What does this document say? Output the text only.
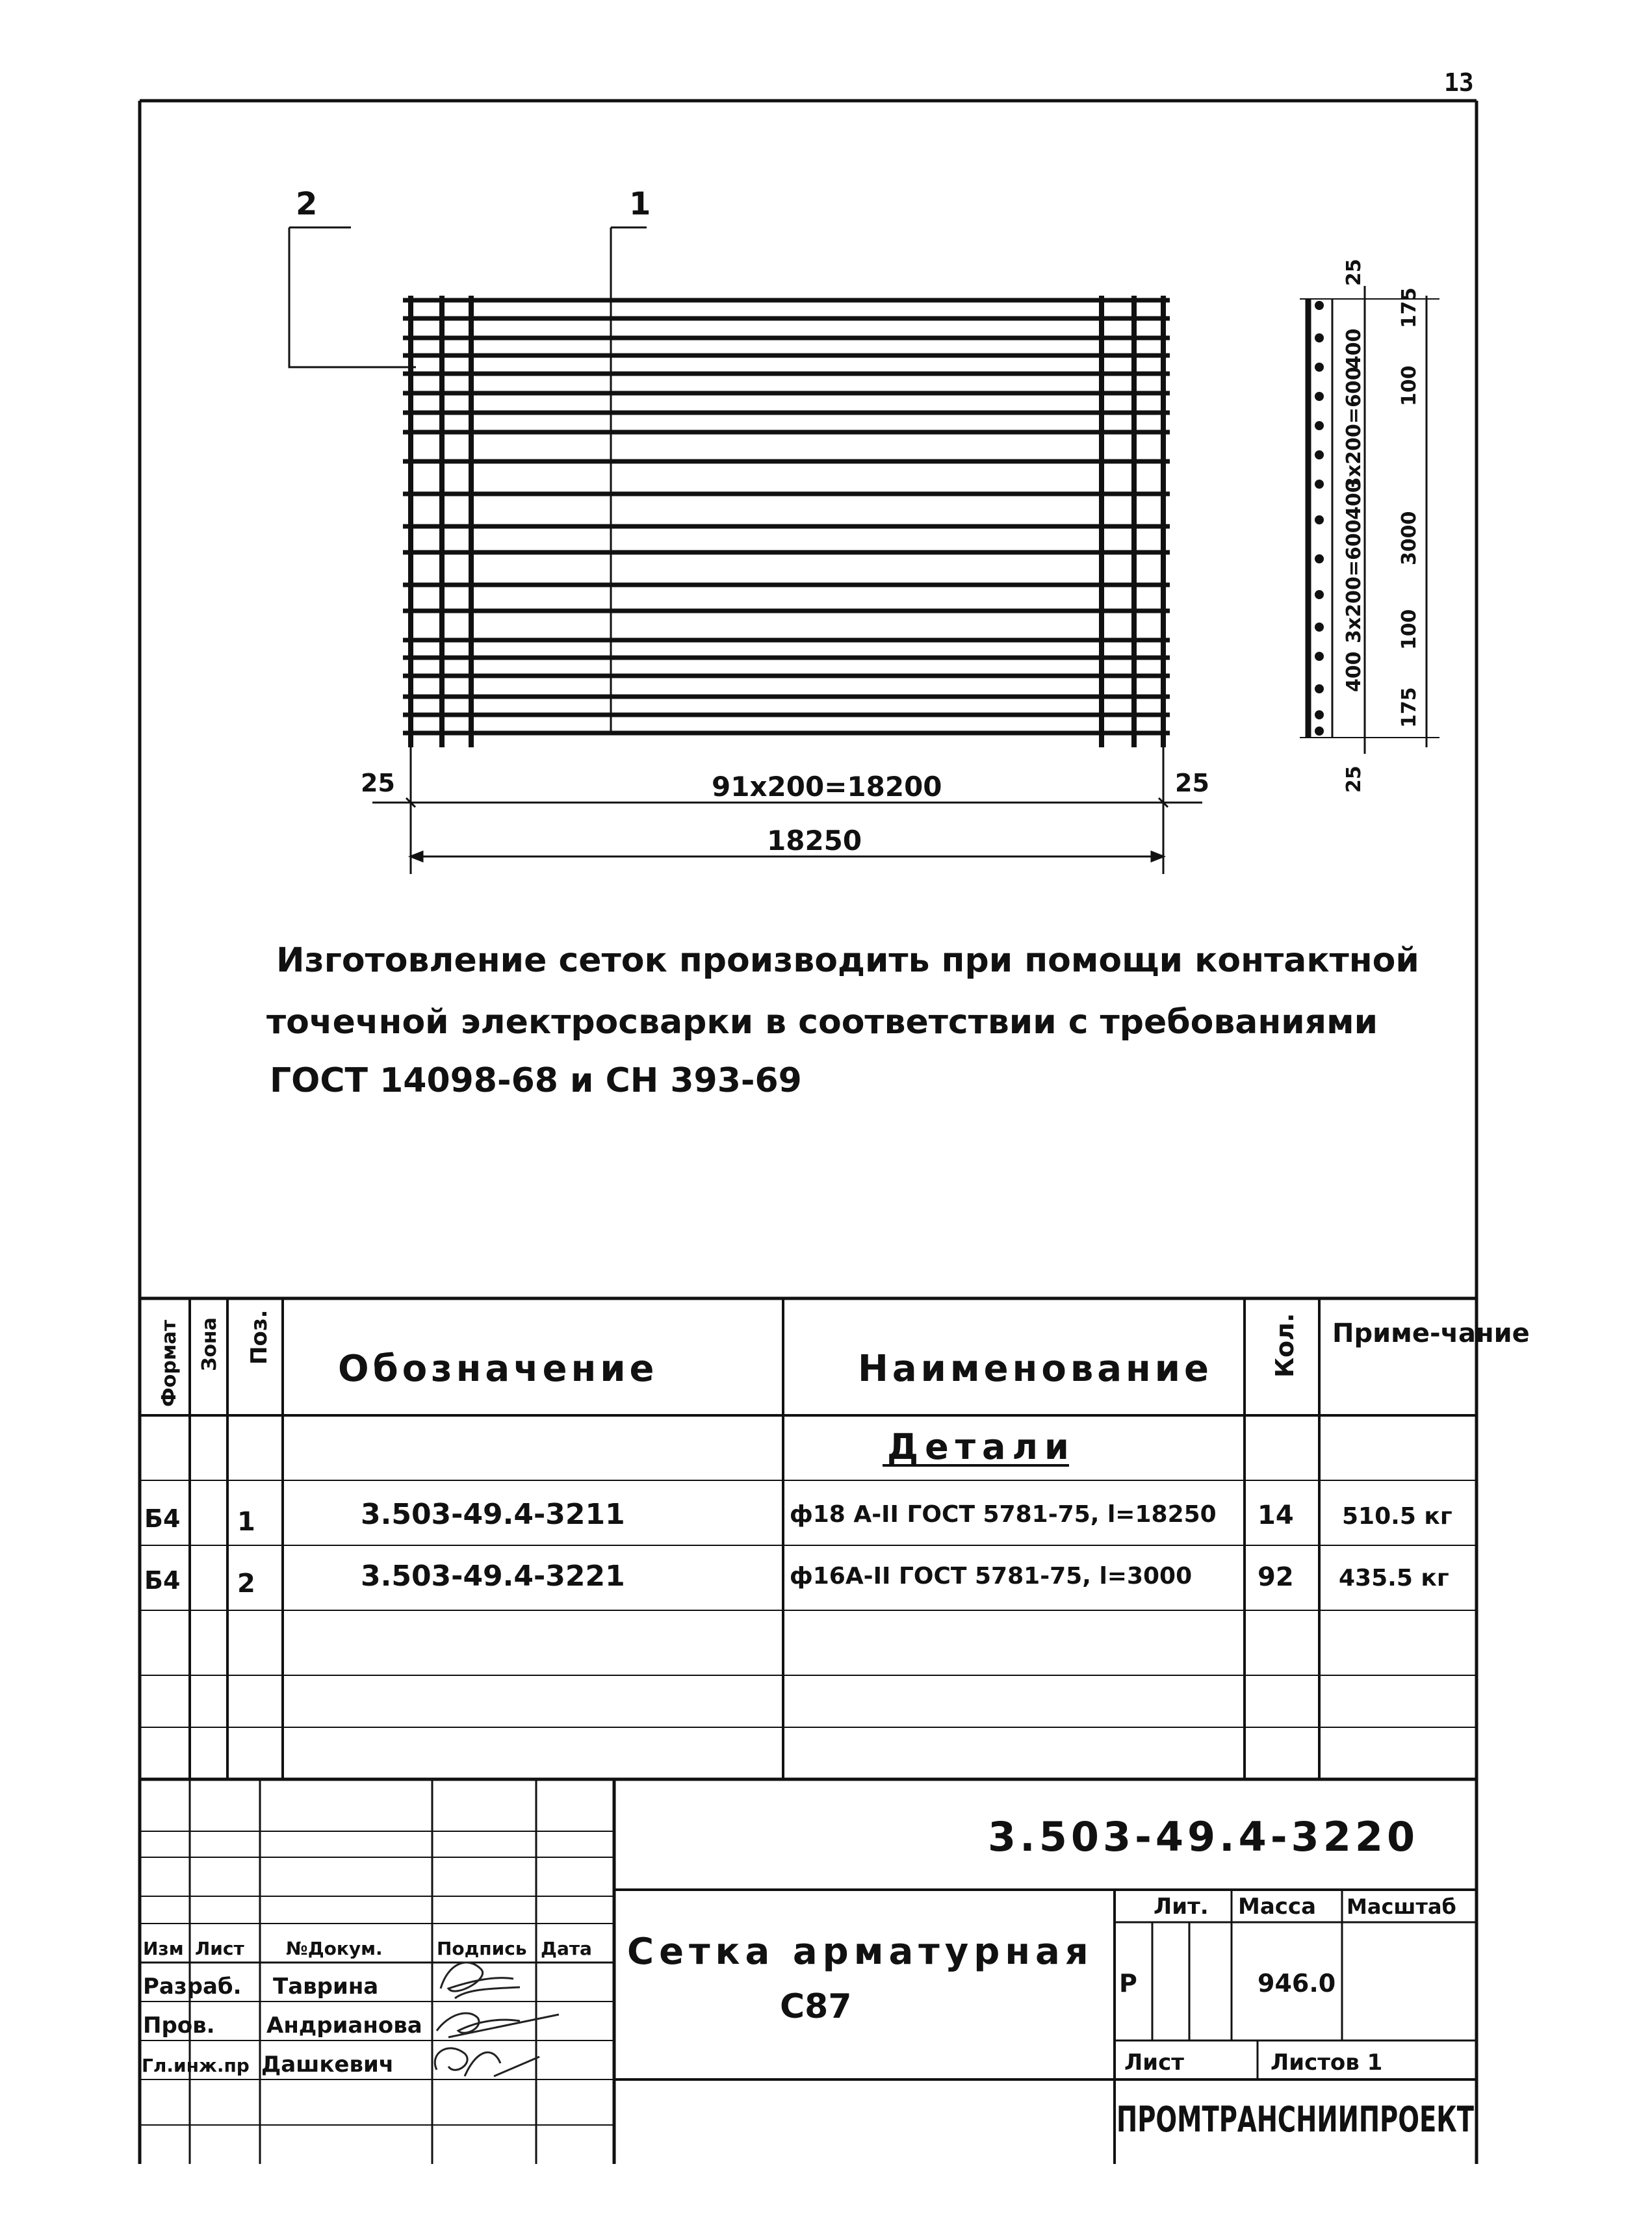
13
2	1
25	91x200=18200	25
18250
25
175
400
3x200=600 100
400
3000
3x200=600 100
400
175
25
Изготовление сеток производить при помощи контактной
точечной электросварки в соответствии с требованиями
ГОСТ 14098-68 и СН 393-69
Формат Зона Поз.
Обозначение	Наименование Кол. Приме-чание
Детали
Б4 1	3.503-49.4-3211	ф18 А-II ГОСТ 5781-75, l=18250 14 510.5 кг
Б4 2	3.503-49.4-3221	ф16А-II ГОСТ 5781-75, l=3000	92 435.5 кг
3.503-49.4-3220
Изм Лист №Докум.	Подпись Дата
Разраб. Таврина
Пров. Андрианова
Гл.инж.пр Дашкевич
Сетка арматурная
С87
Лит. Масса Масштаб
Р	946.0
Лист	Листов 1
ПРОМТРАНСНИИПРОЕКТ
